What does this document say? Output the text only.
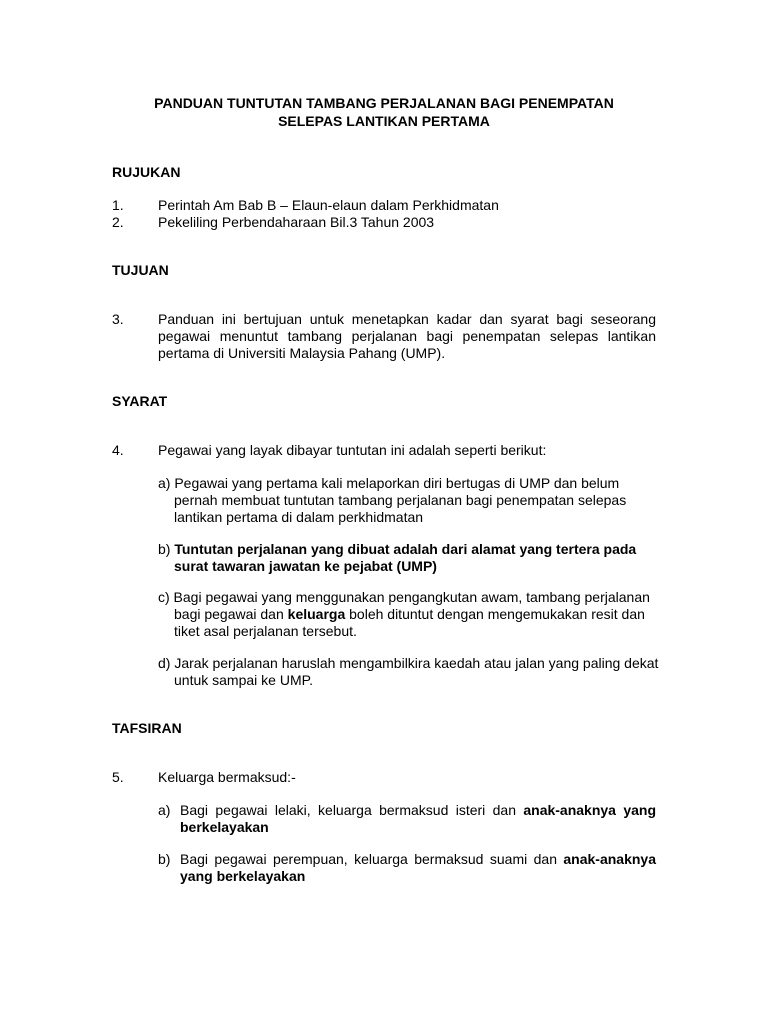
PANDUAN TUNTUTAN TAMBANG PERJALANAN BAGI PENEMPATAN
SELEPAS LANTIKAN PERTAMA
RUJUKAN
1. Perintah Am Bab B – Elaun-elaun dalam Perkhidmatan
2. Pekeliling Perbendaharaan Bil.3 Tahun 2003
TUJUAN
3. Panduan ini bertujuan untuk menetapkan kadar dan syarat bagi seseorang pegawai menuntut tambang perjalanan bagi penempatan selepas lantikan pertama di Universiti Malaysia Pahang (UMP).
SYARAT
4. Pegawai yang layak dibayar tuntutan ini adalah seperti berikut:
a) Pegawai yang pertama kali melaporkan diri bertugas di UMP dan belum
pernah membuat tuntutan tambang perjalanan bagi penempatan selepas
lantikan pertama di dalam perkhidmatan
b) Tuntutan perjalanan yang dibuat adalah dari alamat yang tertera pada
surat tawaran jawatan ke pejabat (UMP)
c) Bagi pegawai yang menggunakan pengangkutan awam, tambang perjalanan
bagi pegawai dan keluarga boleh dituntut dengan mengemukakan resit dan
tiket asal perjalanan tersebut.
d) Jarak perjalanan haruslah mengambilkira kaedah atau jalan yang paling dekat
untuk sampai ke UMP.
TAFSIRAN
5. Keluarga bermaksud:-
a) Bagi pegawai lelaki, keluarga bermaksud isteri dan anak-anaknya yang berkelayakan
b) Bagi pegawai perempuan, keluarga bermaksud suami dan anak-anaknya yang berkelayakan
